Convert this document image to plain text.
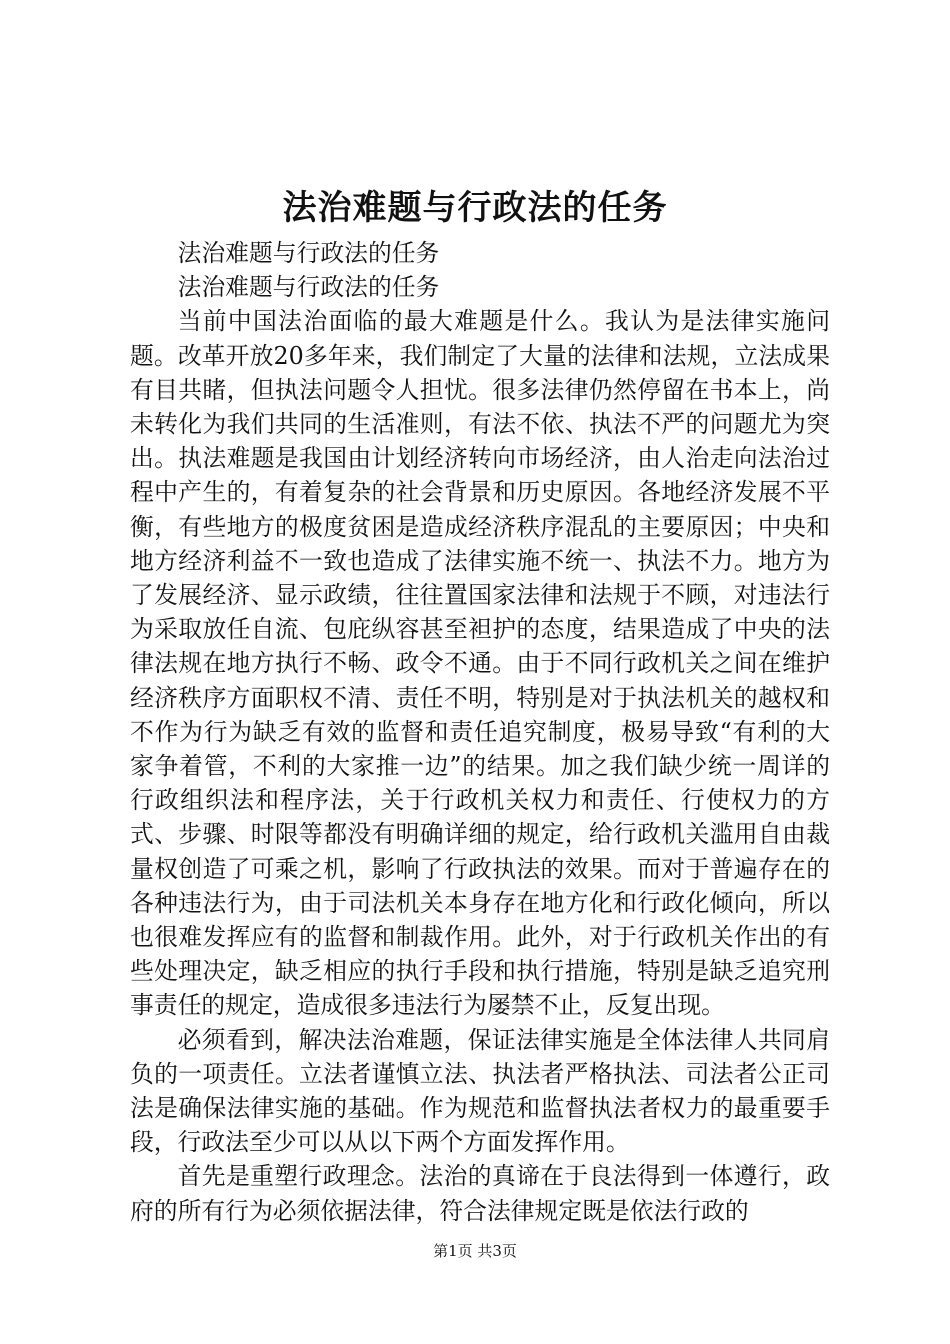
法治难题与行政法的任务

法治难题与行政法的任务

法治难题与行政法的任务

当前中国法治面临的最大难题是什么。我认为是法律实施问题。改革开放20多年来，我们制定了大量的法律和法规，立法成果有目共睹，但执法问题令人担忧。很多法律仍然停留在书本上，尚未转化为我们共同的生活准则，有法不依、执法不严的问题尤为突出。执法难题是我国由计划经济转向市场经济，由人治走向法治过程中产生的，有着复杂的社会背景和历史原因。各地经济发展不平衡，有些地方的极度贫困是造成经济秩序混乱的主要原因；中央和地方经济利益不一致也造成了法律实施不统一、执法不力。地方为了发展经济、显示政绩，往往置国家法律和法规于不顾，对违法行为采取放任自流、包庇纵容甚至袒护的态度，结果造成了中央的法律法规在地方执行不畅、政令不通。由于不同行政机关之间在维护经济秩序方面职权不清、责任不明，特别是对于执法机关的越权和不作为行为缺乏有效的监督和责任追究制度，极易导致“有利的大家争着管，不利的大家推一边”的结果。加之我们缺少统一周详的行政组织法和程序法，关于行政机关权力和责任、行使权力的方式、步骤、时限等都没有明确详细的规定，给行政机关滥用自由裁量权创造了可乘之机，影响了行政执法的效果。而对于普遍存在的各种违法行为，由于司法机关本身存在地方化和行政化倾向，所以也很难发挥应有的监督和制裁作用。此外，对于行政机关作出的有些处理决定，缺乏相应的执行手段和执行措施，特别是缺乏追究刑事责任的规定，造成很多违法行为屡禁不止，反复出现。

必须看到，解决法治难题，保证法律实施是全体法律人共同肩负的一项责任。立法者谨慎立法、执法者严格执法、司法者公正司法是确保法律实施的基础。作为规范和监督执法者权力的最重要手段，行政法至少可以从以下两个方面发挥作用。

首先是重塑行政理念。法治的真谛在于良法得到一体遵行，政府的所有行为必须依据法律，符合法律规定既是依法行政的

第1页 共3页
